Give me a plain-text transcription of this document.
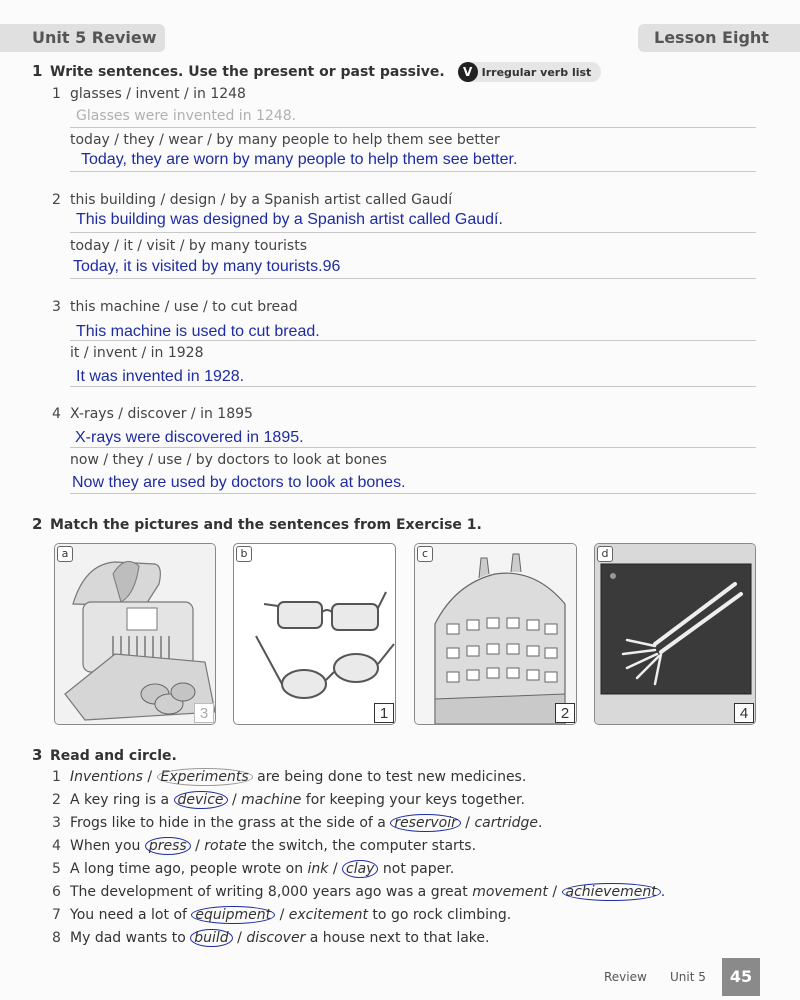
Unit 5 Review	Lesson Eight
1 Write sentences. Use the present or past passive.	V Irregular verb list
1 glasses / invent / in 1248
Glasses were invented in 1248.
today / they / wear / by many people to help them see better
Today, they are worn by many people to help them see better.
2 this building / design / by a Spanish artist called Gaudí
This building was designed by a Spanish artist called Gaudí.
today / it / visit / by many tourists
Today, it is visited by many tourists.96
3 this machine / use / to cut bread
This machine is used to cut bread.
it / invent / in 1928
It was invented in 1928.
4 X-rays / discover / in 1895
X-rays were discovered in 1895.
now / they / use / by doctors to look at bones
Now they are used by doctors to look at bones.
2 Match the pictures and the sentences from Exercise 1.
a
3
b
1
c
2
d
4
3 Read and circle.
1 Inventions / Experiments are being done to test new medicines.
2 A key ring is a device / machine for keeping your keys together.
3 Frogs like to hide in the grass at the side of a reservoir / cartridge.
4 When you press / rotate the switch, the computer starts.
5 A long time ago, people wrote on ink / clay not paper.
6 The development of writing 8,000 years ago was a great movement / achievement .
7 You need a lot of equipment / excitement to go rock climbing.
8 My dad wants to build / discover a house next to that lake.
Review Unit 5	45
